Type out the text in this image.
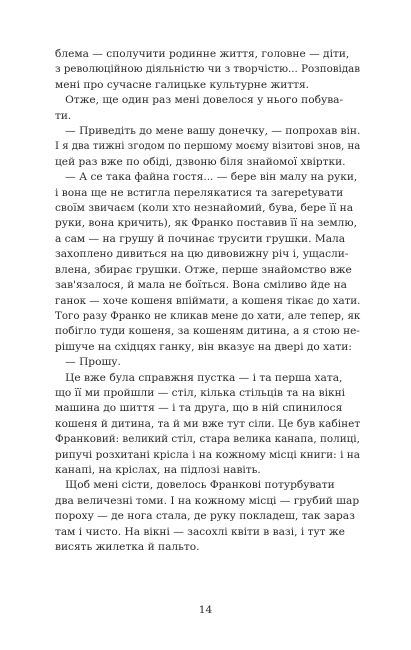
блема — сполучити родинне життя, головне — діти,
з революційною діяльністю чи з творчістю... Розповідав
мені про сучасне галицьке культурне життя.
Отже, ще один раз мені довелося у нього побува-
ти.
— Приведіть до мене вашу донечку, — попрохав він.
І я два тижні згодом по першому моєму візитові знов, на
цей раз вже по обіді, дзвоню біля знайомої хвіртки.
— А се така файна гостя... — бере він малу на руки,
і вона ще не встигла перелякатися та заrepetувати
своїм звичаєм (коли хто незнайомий, бува, бере її на
руки, вона кричить), як Франко поставив її на землю,
а сам — на грушу й починає трусити грушки. Мала
захоплено дивиться на цю дивовижну річ і, ущасли-
влена, збирає грушки. Отже, перше знайомство вже
зав'язалося, й мала не боїться. Вона сміливо йде на
ганок — хоче кошеня впіймати, а кошеня тікає до хати.
Того разу Франко не кликав мене до хати, але тепер, як
побігло туди кошеня, за кошеням дитина, а я стою не-
рішуче на східцях ганку, він вказує на двері до хати:
— Прошу.
Це вже була справжня пустка — і та перша хата,
що її ми пройшли — стіл, кілька стільців та на вікні
машина до шиття — і та друга, що в ній спинилося
кошеня й дитина, та й ми вже тут сіли. Це був кабінет
Франковий: великий стіл, стара велика канапа, полиці,
рипучі розхитані крісла і на кожному місці книги: і на
канапі, на кріслах, на підлозі навіть.
Щоб мені сісти, довелось Франкові потурбувати
два величезні томи. І на кожному місці — грубий шар
пороху — де нога стала, де руку покладеш, так зараз
там і чисто. На вікні — засохлі квіти в вазі, і тут же
висять жилетка й пальто.
14
